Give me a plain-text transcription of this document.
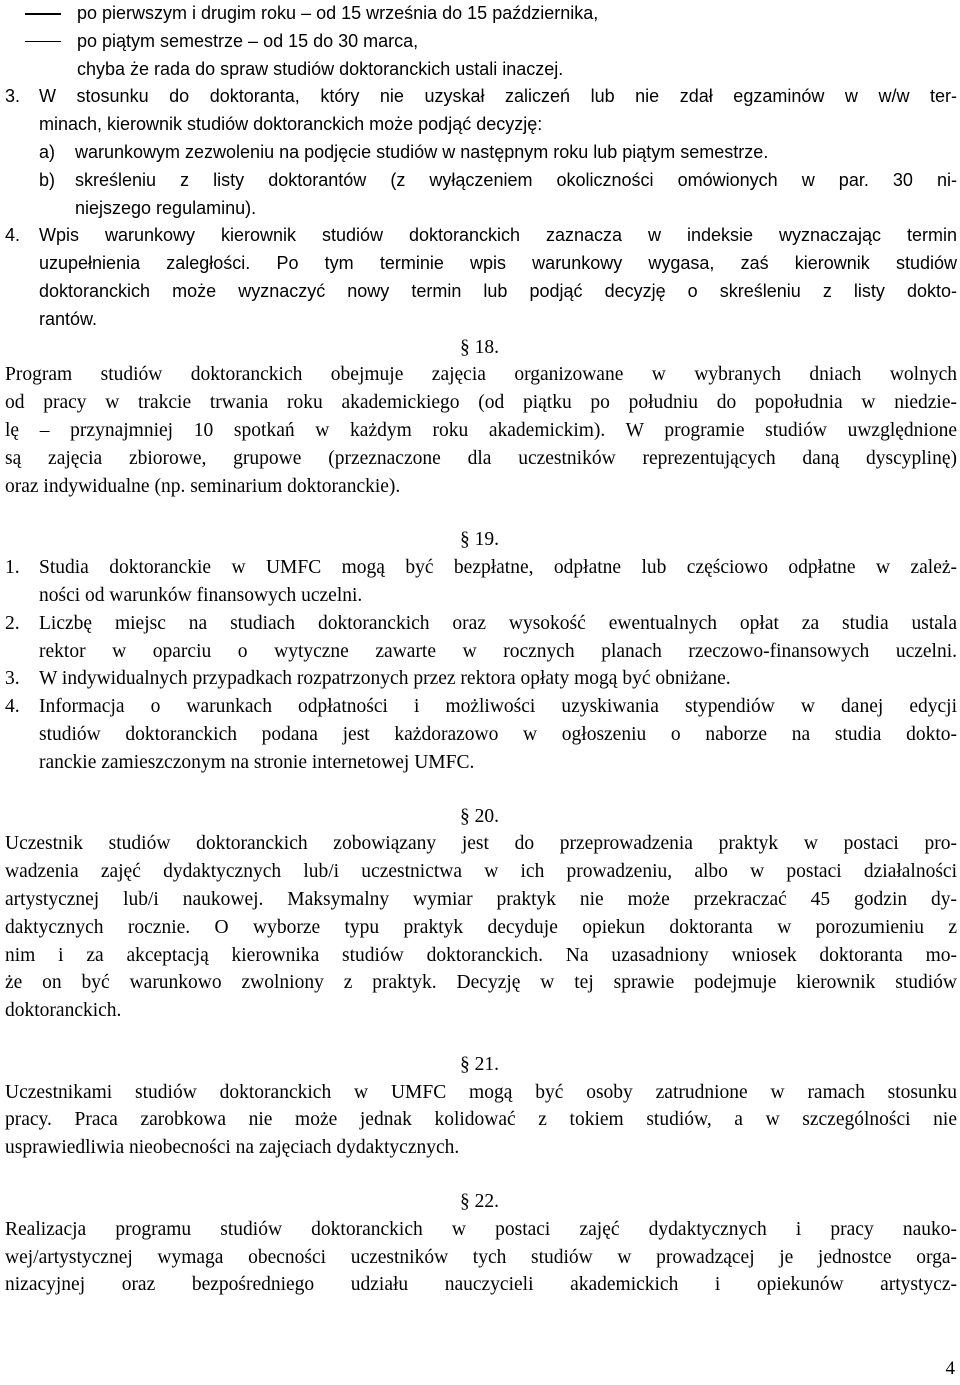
po pierwszym i drugim roku – od 15 września do 15 października,
po piątym semestrze – od 15 do 30 marca,
chyba że rada do spraw studiów doktoranckich ustali inaczej.
3. W stosunku do doktoranta, który nie uzyskał zaliczeń lub nie zdał egzaminów w w/w ter-
minach, kierownik studiów doktoranckich może podjąć decyzję:
a) warunkowym zezwoleniu na podjęcie studiów w następnym roku lub piątym semestrze.
b) skreśleniu z listy doktorantów (z wyłączeniem okoliczności omówionych w par. 30 ni-
niejszego regulaminu).
4. Wpis warunkowy kierownik studiów doktoranckich zaznacza w indeksie wyznaczając termin
uzupełnienia zaległości. Po tym terminie wpis warunkowy wygasa, zaś kierownik studiów
doktoranckich może wyznaczyć nowy termin lub podjąć decyzję o skreśleniu z listy dokto-
rantów.
§ 18.
Program studiów doktoranckich obejmuje zajęcia organizowane w wybranych dniach wolnych
od pracy w trakcie trwania roku akademickiego (od piątku po południu do popołudnia w niedzie-
lę – przynajmniej 10 spotkań w każdym roku akademickim). W programie studiów uwzględnione
są zajęcia zbiorowe, grupowe (przeznaczone dla uczestników reprezentujących daną dyscyplinę)
oraz indywidualne (np. seminarium doktoranckie).
§ 19.
1. Studia doktoranckie w UMFC mogą być bezpłatne, odpłatne lub częściowo odpłatne w zależ-
ności od warunków finansowych uczelni.
2. Liczbę miejsc na studiach doktoranckich oraz wysokość ewentualnych opłat za studia ustala
rektor w oparciu o wytyczne zawarte w rocznych planach rzeczowo-finansowych uczelni.
3. W indywidualnych przypadkach rozpatrzonych przez rektora opłaty mogą być obniżane.
4. Informacja o warunkach odpłatności i możliwości uzyskiwania stypendiów w danej edycji
studiów doktoranckich podana jest każdorazowo w ogłoszeniu o naborze na studia dokto-
ranckie zamieszczonym na stronie internetowej UMFC.
§ 20.
Uczestnik studiów doktoranckich zobowiązany jest do przeprowadzenia praktyk w postaci pro-
wadzenia zajęć dydaktycznych lub/i uczestnictwa w ich prowadzeniu, albo w postaci działalności
artystycznej lub/i naukowej. Maksymalny wymiar praktyk nie może przekraczać 45 godzin dy-
daktycznych rocznie. O wyborze typu praktyk decyduje opiekun doktoranta w porozumieniu z
nim i za akceptacją kierownika studiów doktoranckich. Na uzasadniony wniosek doktoranta mo-
że on być warunkowo zwolniony z praktyk. Decyzję w tej sprawie podejmuje kierownik studiów
doktoranckich.
§ 21.
Uczestnikami studiów doktoranckich w UMFC mogą być osoby zatrudnione w ramach stosunku
pracy. Praca zarobkowa nie może jednak kolidować z tokiem studiów, a w szczególności nie
usprawiedliwia nieobecności na zajęciach dydaktycznych.
§ 22.
Realizacja programu studiów doktoranckich w postaci zajęć dydaktycznych i pracy nauko-
wej/artystycznej wymaga obecności uczestników tych studiów w prowadzącej je jednostce orga-
nizacyjnej oraz bezpośredniego udziału nauczycieli akademickich i opiekunów artystycz-
4
